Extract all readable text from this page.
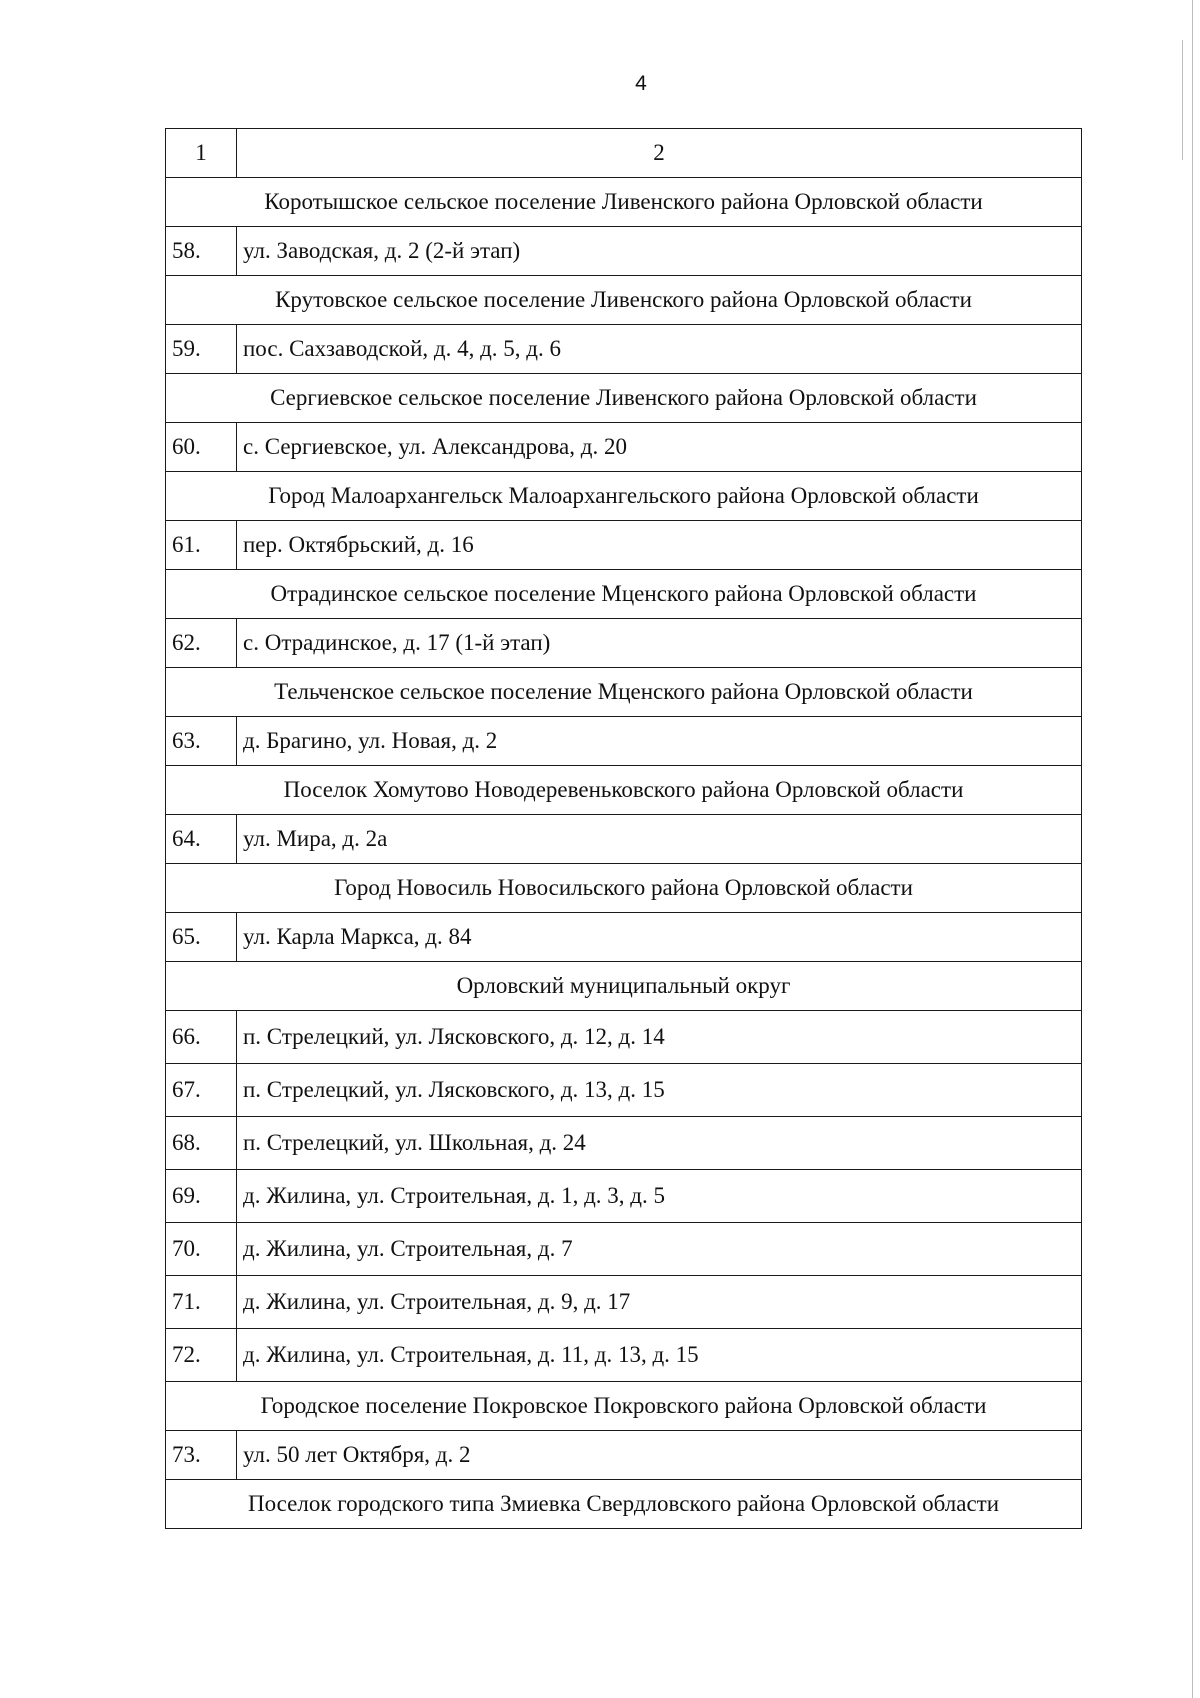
4
1	2
Коротышское сельское поселение Ливенского района Орловской области	
58.	ул. Заводская, д. 2 (2-й этап)
Крутовское сельское поселение Ливенского района Орловской области	
59.	пос. Сахзаводской, д. 4, д. 5, д. 6
Сергиевское сельское поселение Ливенского района Орловской области	
60.	с. Сергиевское, ул. Александрова, д. 20
Город Малоархангельск Малоархангельского района Орловской области	
61.	пер. Октябрьский, д. 16
Отрадинское сельское поселение Мценского района Орловской области	
62.	с. Отрадинское, д. 17 (1-й этап)
Тельченское сельское поселение Мценского района Орловской области	
63.	д. Брагино, ул. Новая, д. 2
Поселок Хомутово Новодеревеньковского района Орловской области	
64.	ул. Мира, д. 2а
Город Новосиль Новосильского района Орловской области	
65.	ул. Карла Маркса, д. 84
Орловский муниципальный округ	
66.	п. Стрелецкий, ул. Лясковского, д. 12, д. 14
67.	п. Стрелецкий, ул. Лясковского, д. 13, д. 15
68.	п. Стрелецкий, ул. Школьная, д. 24
69.	д. Жилина, ул. Строительная, д. 1, д. 3, д. 5
70.	д. Жилина, ул. Строительная, д. 7
71.	д. Жилина, ул. Строительная, д. 9, д. 17
72.	д. Жилина, ул. Строительная, д. 11, д. 13, д. 15
Городское поселение Покровское Покровского района Орловской области	
73.	ул. 50 лет Октября, д. 2
Поселок городского типа Змиевка Свердловского района Орловской области	
